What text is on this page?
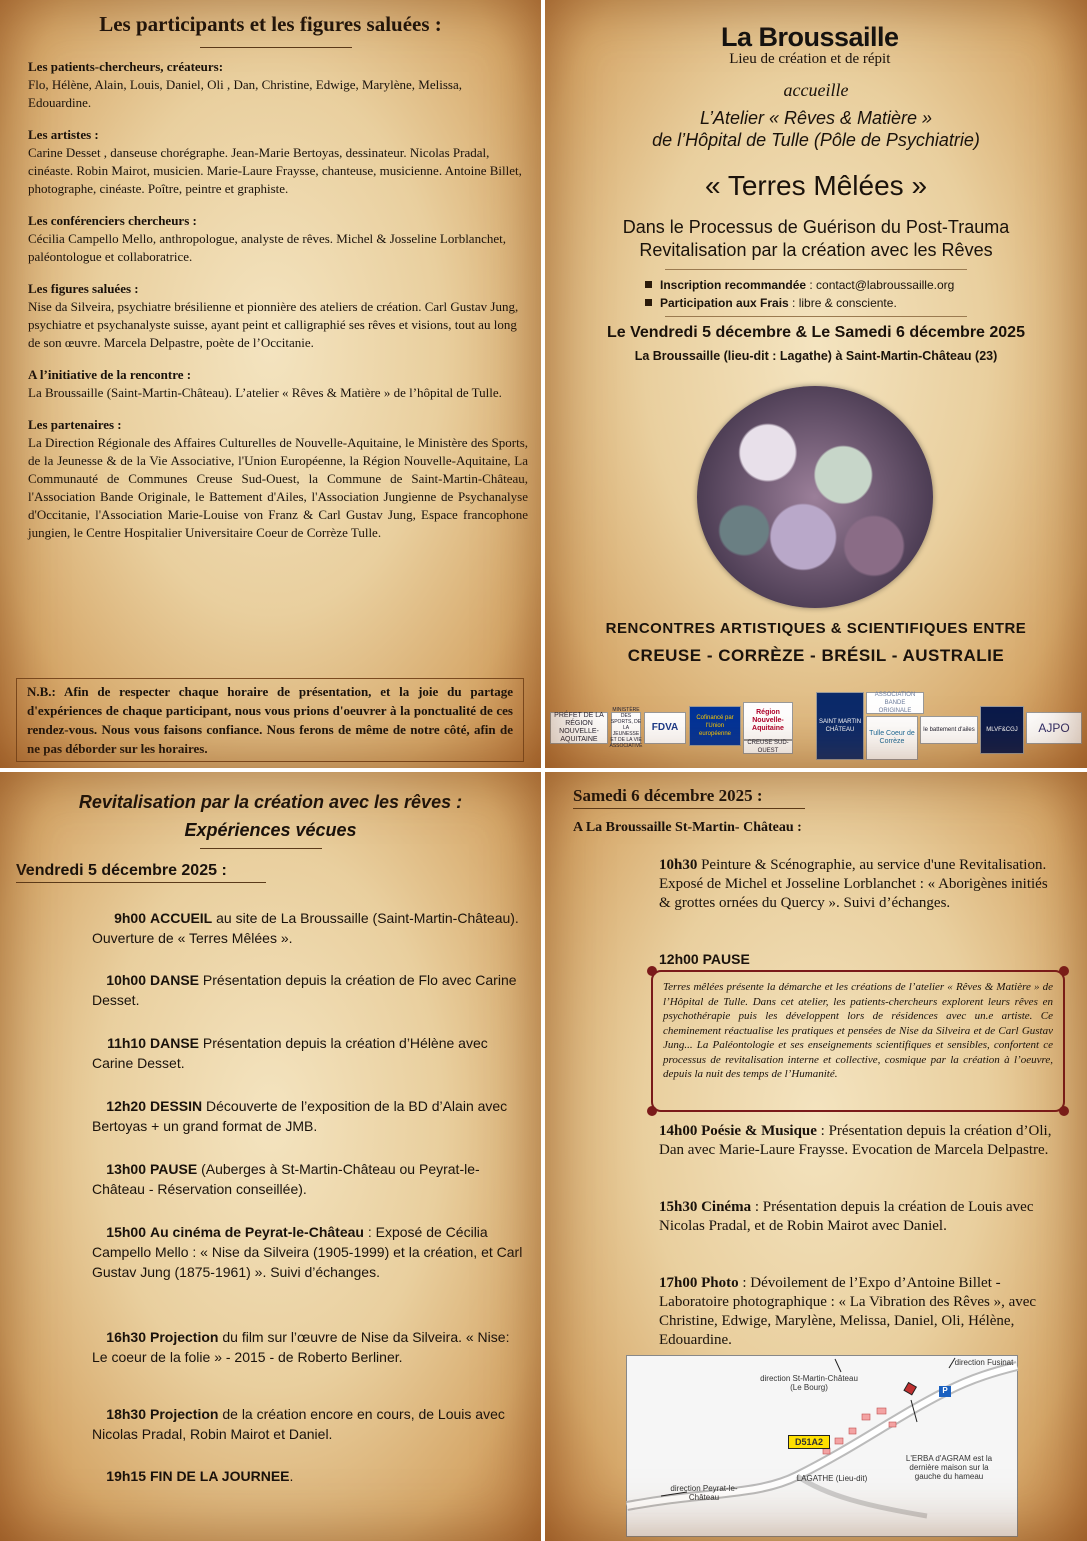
Les participants et les figures saluées :
Les patients-chercheurs, créateurs:
Flo, Hélène, Alain, Louis, Daniel, Oli , Dan, Christine, Edwige, Marylène, Melissa, Edouardine.
Les artistes :
Carine Desset , danseuse chorégraphe. Jean-Marie Bertoyas, dessinateur. Nicolas Pradal, cinéaste. Robin Mairot, musicien. Marie-Laure Fraysse, chanteuse, musicienne. Antoine Billet, photographe, cinéaste. Poître, peintre et graphiste.
Les conférenciers chercheurs :
Cécilia Campello Mello, anthropologue, analyste de rêves. Michel & Josseline Lorblanchet, paléontologue et collaboratrice.
Les figures saluées :
Nise da Silveira, psychiatre brésilienne et pionnière des ateliers de création. Carl Gustav Jung, psychiatre et psychanalyste suisse, ayant peint et calligraphié ses rêves et visions, tout au long de son œuvre. Marcela Delpastre, poète de l’Occitanie.
A l’initiative de la rencontre :
La Broussaille (Saint-Martin-Château). L’atelier « Rêves & Matière » de l’hôpital de Tulle.
Les partenaires :
La Direction Régionale des Affaires Culturelles de Nouvelle-Aquitaine, le Ministère des Sports, de la Jeunesse & de la Vie Associative, l'Union Européenne, la Région Nouvelle-Aquitaine, La Communauté de Communes Creuse Sud-Ouest, la Commune de Saint-Martin-Château, l'Association Bande Originale, le Battement d'Ailes, l'Association Jungienne de Psychanalyse d'Occitanie, l'Association Marie-Louise von Franz & Carl Gustav Jung, Espace francophone jungien, le Centre Hospitalier Universitaire Coeur de Corrèze Tulle.
N.B.: Afin de respecter chaque horaire de présentation, et la joie du partage d'expériences de chaque participant, nous vous prions d'oeuvrer à la ponctualité de ces rendez-vous. Nous vous faisons confiance. Nous ferons de même de notre côté, afin de ne pas déborder sur les horaires.
La Broussaille
Lieu de création et de répit
accueille
L’Atelier « Rêves & Matière »
de l’Hôpital de Tulle (Pôle de Psychiatrie)
« Terres Mêlées »
Dans le Processus de Guérison du Post-Trauma
Revitalisation par la création avec les Rêves
Inscription recommandée : contact@labroussaille.org
Participation aux Frais : libre & consciente.
Le Vendredi 5 décembre & Le Samedi 6 décembre 2025
La Broussaille (lieu-dit : Lagathe) à Saint-Martin-Château (23)
RENCONTRES ARTISTIQUES & SCIENTIFIQUES ENTRE
CREUSE - CORRÈZE - BRÉSIL - AUSTRALIE
PRÉFET DE LA RÉGION NOUVELLE-AQUITAINE
MINISTÈRE DES SPORTS, DE LA JEUNESSE ET DE LA VIE ASSOCIATIVE
FDVA
Cofinancé par l'Union européenne
Région Nouvelle-Aquitaine
CREUSE SUD-OUEST
SAINT MARTIN CHÂTEAU
ASSOCIATION BANDE ORIGINALE
Tulle Coeur de Corrèze
le battement d'ailes	MLVF&CGJ	AJPO
Revitalisation par la création avec les rêves :
Expériences vécues
Vendredi 5 décembre 2025 :
9h00 ACCUEIL au site de La Broussaille (Saint-Martin-Château). Ouverture de « Terres Mêlées ».
10h00 DANSE Présentation depuis la création de Flo avec Carine Desset.
11h10 DANSE Présentation depuis la création d’Hélène avec Carine Desset.
12h20 DESSIN Découverte de l’exposition de la BD d’Alain avec Bertoyas + un grand format de JMB.
13h00 PAUSE (Auberges à St-Martin-Château ou Peyrat-le-Château - Réservation conseillée).
15h00 Au cinéma de Peyrat-le-Château : Exposé de Cécilia Campello Mello : « Nise da Silveira (1905-1999) et la création, et Carl Gustav Jung (1875-1961) ». Suivi d’échanges.
16h30 Projection du film sur l’œuvre de Nise da Silveira. « Nise: Le coeur de la folie » - 2015 - de Roberto Berliner.
18h30 Projection de la création encore en cours, de Louis avec Nicolas Pradal, Robin Mairot et Daniel.
19h15 FIN DE LA JOURNEE.
Samedi 6 décembre 2025 :
A La Broussaille St-Martin- Château :
10h30 Peinture & Scénographie, au service d'une Revitalisation. Exposé de Michel et Josseline Lorblanchet : « Aborigènes initiés & grottes ornées du Quercy ». Suivi d’échanges.
12h00 PAUSE
Terres mêlées présente la démarche et les créations de l’atelier « Rêves & Matière » de l’Hôpital de Tulle. Dans cet atelier, les patients-chercheurs explorent leurs rêves en psychothérapie puis les développent lors de résidences avec un.e artiste. Ce cheminement réactualise les pratiques et pensées de Nise da Silveira et de Carl Gustav Jung... La Paléontologie et ses enseignements scientifiques et sensibles, confortent ce processus de revitalisation interne et collective, cosmique par la création à l’oeuvre, depuis la nuit des temps de l’Humanité.
14h00 Poésie & Musique : Présentation depuis la création d’Oli, Dan avec Marie-Laure Fraysse. Evocation de Marcela Delpastre.
15h30 Cinéma : Présentation depuis la création de Louis avec Nicolas Pradal, et de Robin Mairot avec Daniel.
17h00 Photo : Dévoilement de l’Expo d’Antoine Billet - Laboratoire photographique : « La Vibration des Rêves », avec Christine, Edwige, Marylène, Melissa, Daniel, Oli, Hélène, Edouardine.
direction St-Martin-Château (Le Bourg)
direction Fusinat
P
D51A2
L'ERBA d'AGRAM est la dernière maison sur la gauche du hameau
LAGATHE (Lieu-dit)
direction Peyrat-le-Château
